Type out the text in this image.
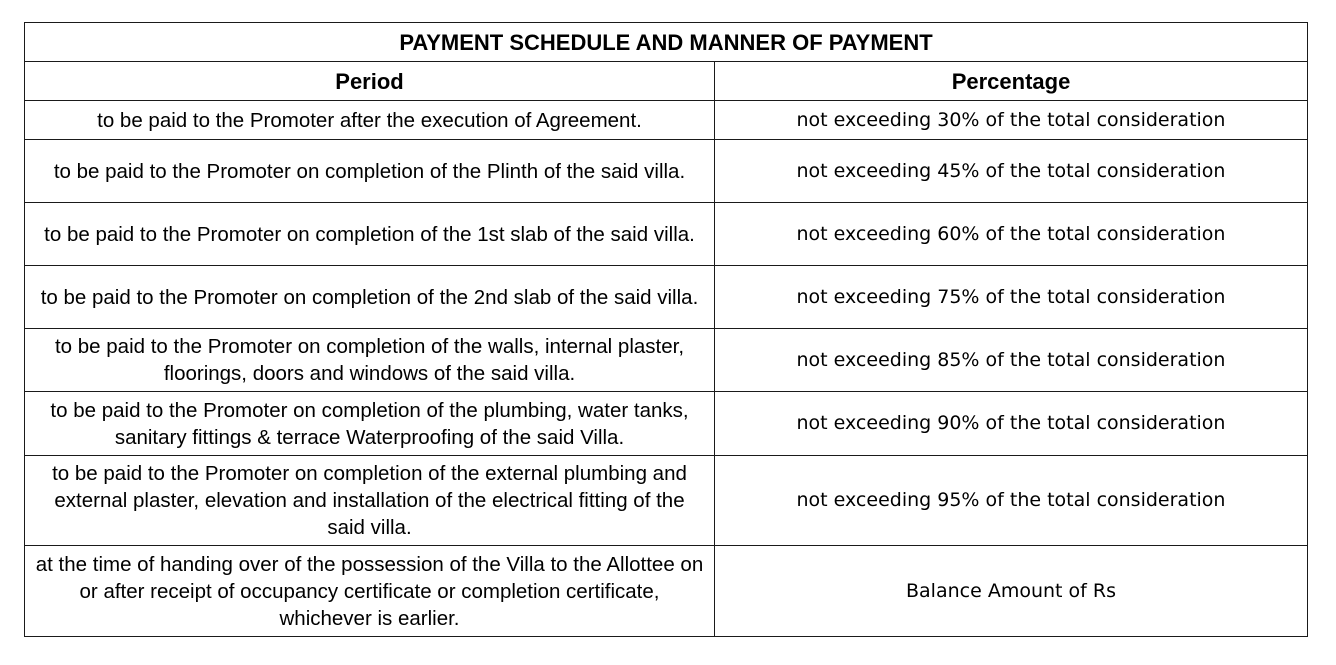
PAYMENT SCHEDULE AND MANNER OF PAYMENT	
Period	Percentage
to be paid to the Promoter after the execution of Agreement.	not exceeding 30% of the total consideration
to be paid to the Promoter on completion of the Plinth of the said villa.	not exceeding 45% of the total consideration
to be paid to the Promoter on completion of the 1st slab of the said villa.	not exceeding 60% of the total consideration
to be paid to the Promoter on completion of the 2nd slab of the said villa.	not exceeding 75% of the total consideration
to be paid to the Promoter on completion of the walls, internal plaster, floorings, doors and windows of the said villa.	not exceeding 85% of the total consideration
to be paid to the Promoter on completion of the plumbing, water tanks, sanitary fittings & terrace Waterproofing of the said Villa.	not exceeding 90% of the total consideration
to be paid to the Promoter on completion of the external plumbing and external plaster, elevation and installation of the electrical fitting of the said villa.	not exceeding 95% of the total consideration
at the time of handing over of the possession of the Villa to the Allottee on or after receipt of occupancy certificate or completion certificate, whichever is earlier.	Balance Amount of Rs
